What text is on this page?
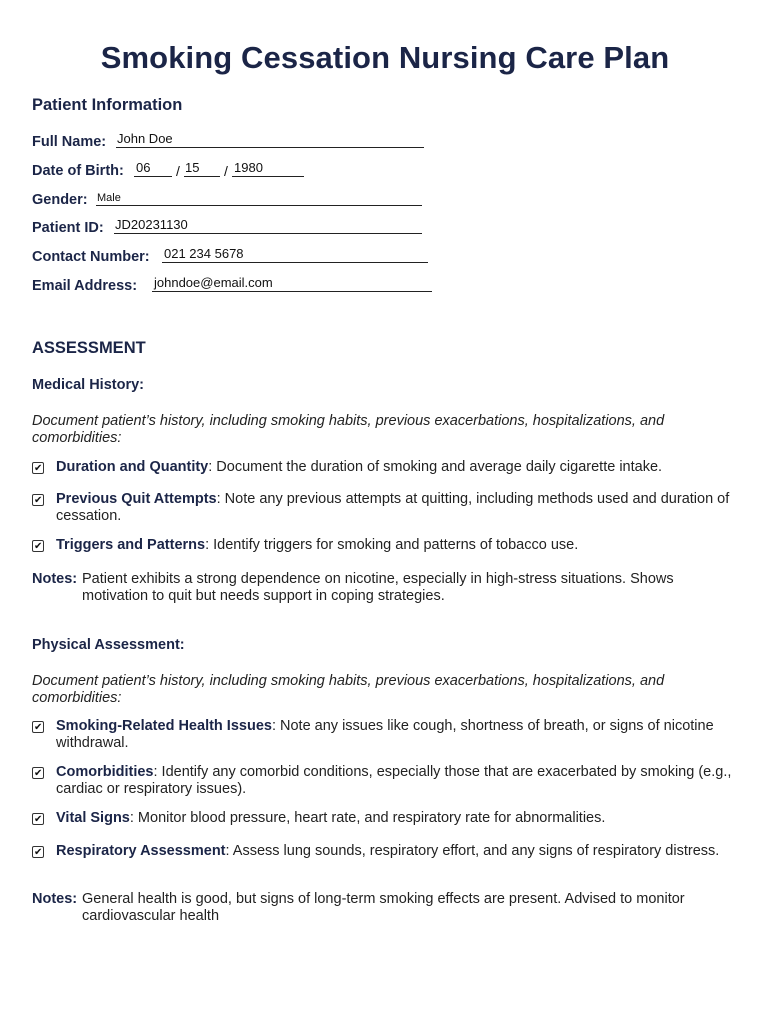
Smoking Cessation Nursing Care Plan
Patient Information
Full Name: John Doe
Date of Birth: 06 / 15 / 1980
Gender: Male
Patient ID: JD20231130
Contact Number: 021 234 5678
Email Address: johndoe@email.com
ASSESSMENT
Medical History:
Document patient’s history, including smoking habits, previous exacerbations, hospitalizations, and comorbidities:
✔
Duration and Quantity: Document the duration of smoking and average daily cigarette intake.
✔
Previous Quit Attempts: Note any previous attempts at quitting, including methods used and duration of cessation.
✔
Triggers and Patterns: Identify triggers for smoking and patterns of tobacco use.
Notes: Patient exhibits a strong dependence on nicotine, especially in high-stress situations. Shows motivation to quit but needs support in coping strategies.
Physical Assessment:
Document patient’s history, including smoking habits, previous exacerbations, hospitalizations, and comorbidities:
✔
Smoking-Related Health Issues: Note any issues like cough, shortness of breath, or signs of nicotine withdrawal.
✔
Comorbidities: Identify any comorbid conditions, especially those that are exacerbated by smoking (e.g., cardiac or respiratory issues).
✔
Vital Signs: Monitor blood pressure, heart rate, and respiratory rate for abnormalities.
✔
Respiratory Assessment: Assess lung sounds, respiratory effort, and any signs of respiratory distress.
Notes: General health is good, but signs of long-term smoking effects are present. Advised to monitor cardiovascular health
